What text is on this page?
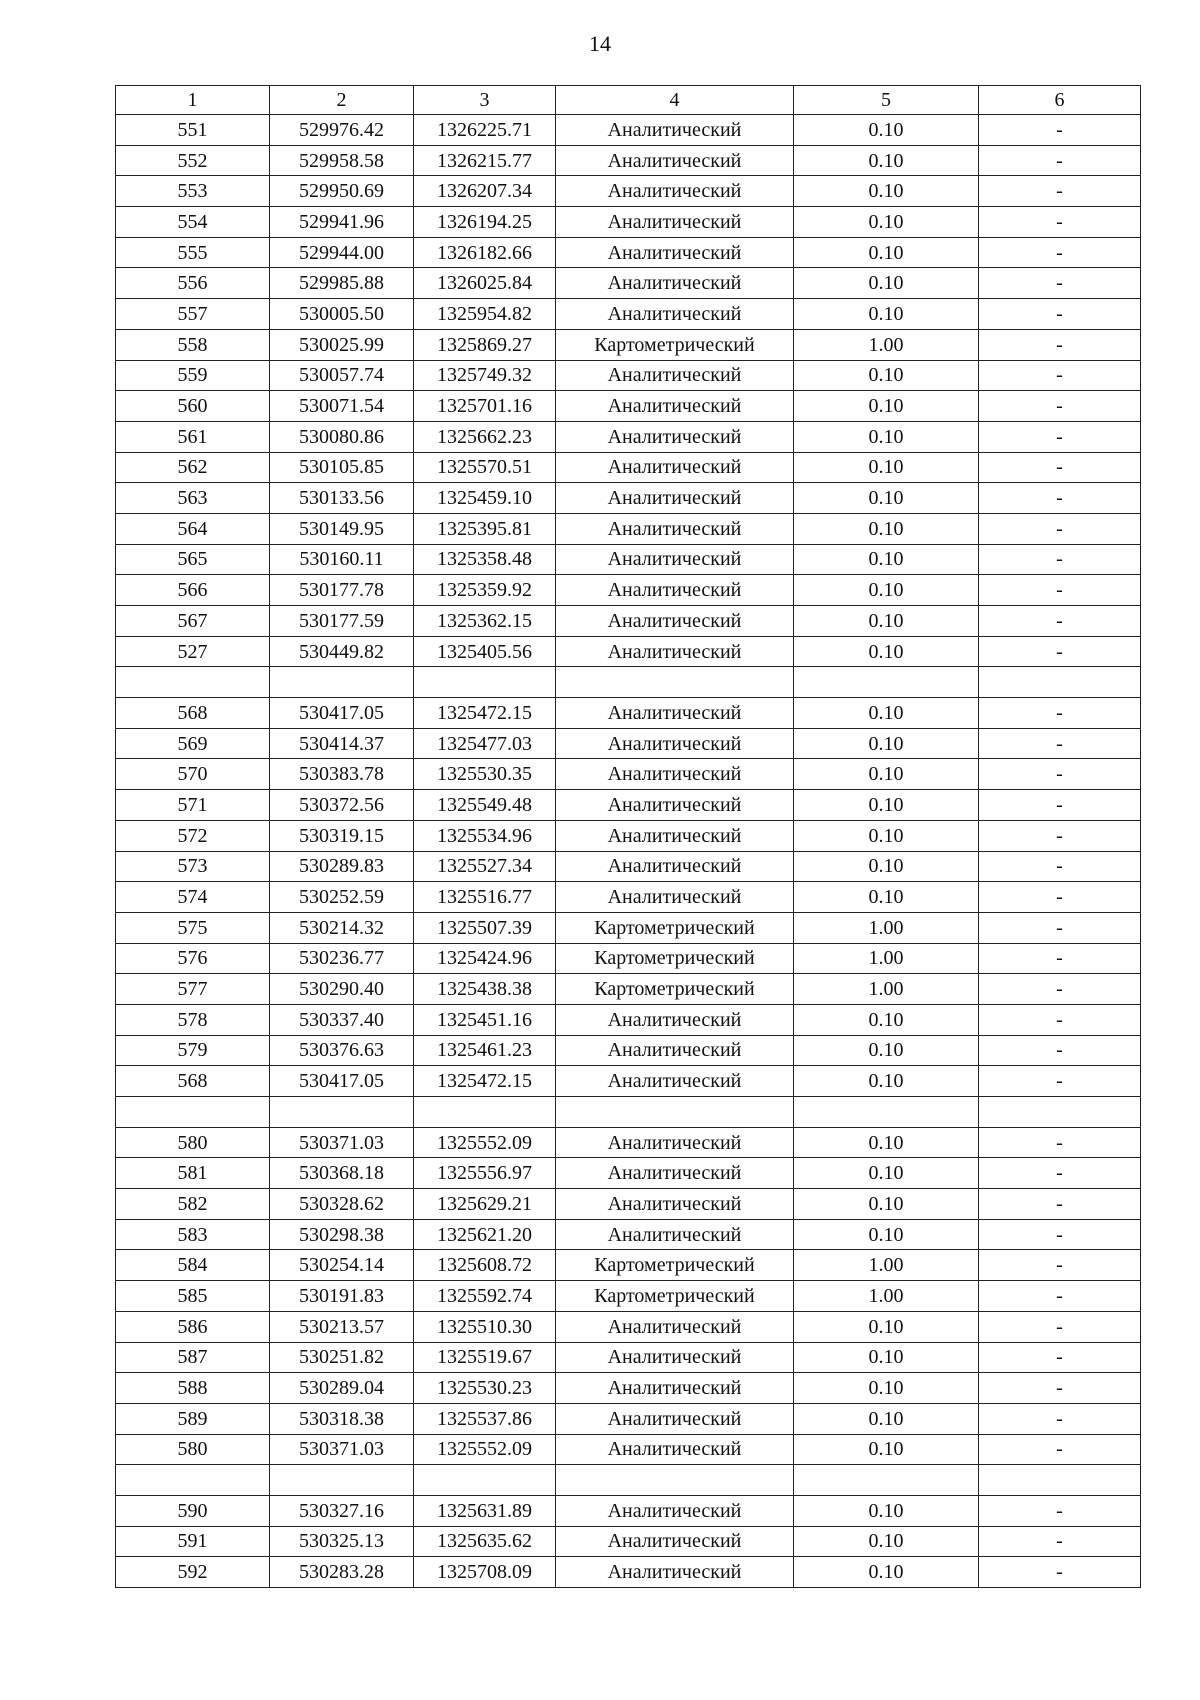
14
1	2	3	4	5	6
551	529976.42	1326225.71	Аналитический	0.10	-
552	529958.58	1326215.77	Аналитический	0.10	-
553	529950.69	1326207.34	Аналитический	0.10	-
554	529941.96	1326194.25	Аналитический	0.10	-
555	529944.00	1326182.66	Аналитический	0.10	-
556	529985.88	1326025.84	Аналитический	0.10	-
557	530005.50	1325954.82	Аналитический	0.10	-
558	530025.99	1325869.27	Картометрический	1.00	-
559	530057.74	1325749.32	Аналитический	0.10	-
560	530071.54	1325701.16	Аналитический	0.10	-
561	530080.86	1325662.23	Аналитический	0.10	-
562	530105.85	1325570.51	Аналитический	0.10	-
563	530133.56	1325459.10	Аналитический	0.10	-
564	530149.95	1325395.81	Аналитический	0.10	-
565	530160.11	1325358.48	Аналитический	0.10	-
566	530177.78	1325359.92	Аналитический	0.10	-
567	530177.59	1325362.15	Аналитический	0.10	-
527	530449.82	1325405.56	Аналитический	0.10	-

568	530417.05	1325472.15	Аналитический	0.10	-
569	530414.37	1325477.03	Аналитический	0.10	-
570	530383.78	1325530.35	Аналитический	0.10	-
571	530372.56	1325549.48	Аналитический	0.10	-
572	530319.15	1325534.96	Аналитический	0.10	-
573	530289.83	1325527.34	Аналитический	0.10	-
574	530252.59	1325516.77	Аналитический	0.10	-
575	530214.32	1325507.39	Картометрический	1.00	-
576	530236.77	1325424.96	Картометрический	1.00	-
577	530290.40	1325438.38	Картометрический	1.00	-
578	530337.40	1325451.16	Аналитический	0.10	-
579	530376.63	1325461.23	Аналитический	0.10	-
568	530417.05	1325472.15	Аналитический	0.10	-

580	530371.03	1325552.09	Аналитический	0.10	-
581	530368.18	1325556.97	Аналитический	0.10	-
582	530328.62	1325629.21	Аналитический	0.10	-
583	530298.38	1325621.20	Аналитический	0.10	-
584	530254.14	1325608.72	Картометрический	1.00	-
585	530191.83	1325592.74	Картометрический	1.00	-
586	530213.57	1325510.30	Аналитический	0.10	-
587	530251.82	1325519.67	Аналитический	0.10	-
588	530289.04	1325530.23	Аналитический	0.10	-
589	530318.38	1325537.86	Аналитический	0.10	-
580	530371.03	1325552.09	Аналитический	0.10	-

590	530327.16	1325631.89	Аналитический	0.10	-
591	530325.13	1325635.62	Аналитический	0.10	-
592	530283.28	1325708.09	Аналитический	0.10	-
